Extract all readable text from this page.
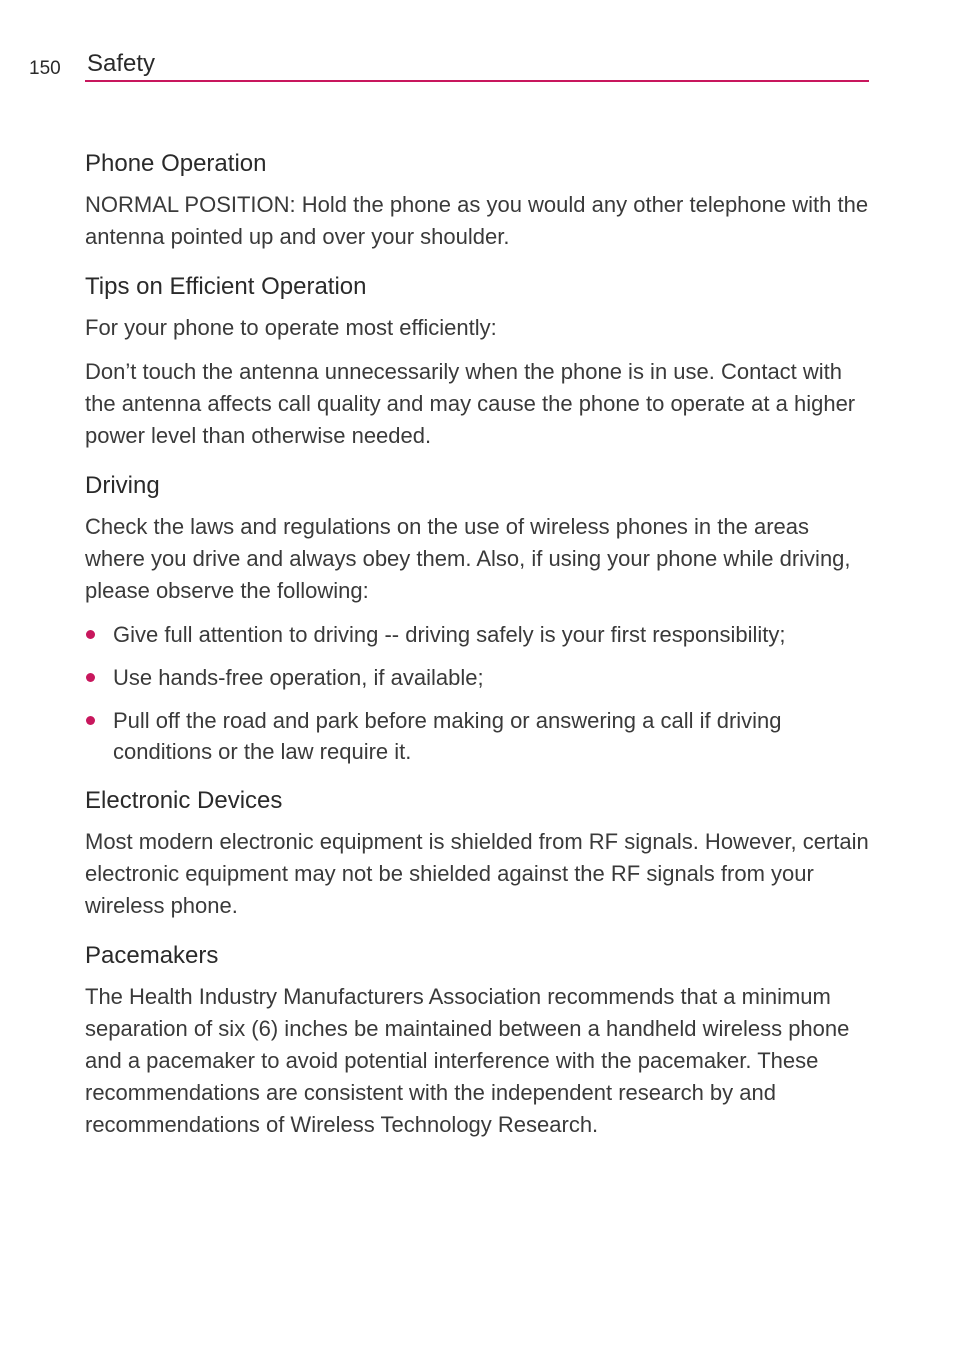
150 Safety
Phone Operation

NORMAL POSITION: Hold the phone as you would any other telephone with the antenna pointed up and over your shoulder.

Tips on Efficient Operation

For your phone to operate most efficiently:

Don’t touch the antenna unnecessarily when the phone is in use. Contact with the antenna affects call quality and may cause the phone to operate at a higher power level than otherwise needed.

Driving

Check the laws and regulations on the use of wireless phones in the areas where you drive and always obey them. Also, if using your phone while driving, please observe the following:

Give full attention to driving -- driving safely is your first responsibility;
Use hands-free operation, if available;
Pull off the road and park before making or answering a call if driving conditions or the law require it.
Electronic Devices

Most modern electronic equipment is shielded from RF signals. However, certain electronic equipment may not be shielded against the RF signals from your wireless phone.

Pacemakers

The Health Industry Manufacturers Association recommends that a minimum separation of six (6) inches be maintained between a handheld wireless phone and a pacemaker to avoid potential interference with the pacemaker. These recommendations are consistent with the independent research by and recommendations of Wireless Technology Research.
